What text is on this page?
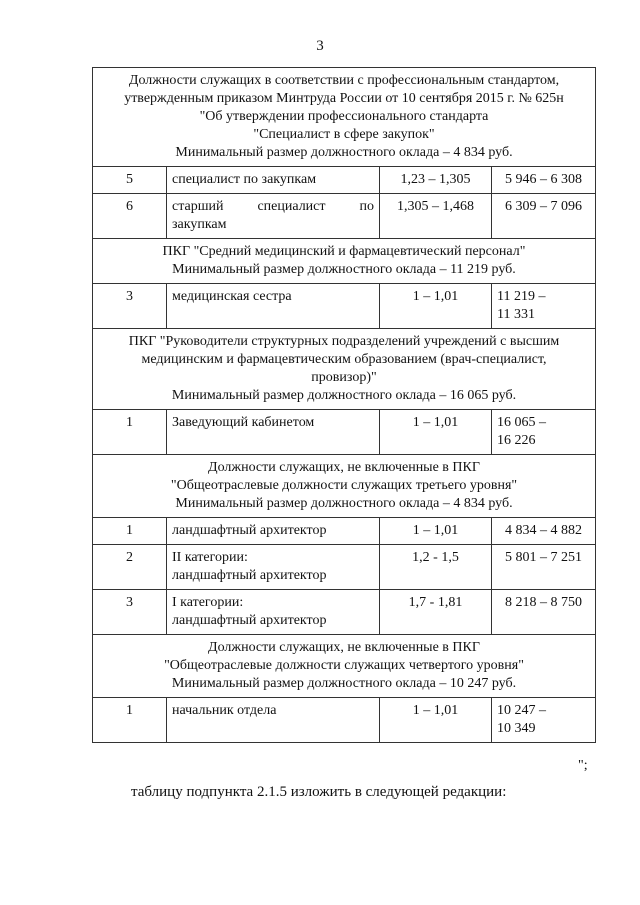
3
Должности служащих в соответствии с профессиональным стандартом,
утвержденным приказом Минтруда России от 10 сентября 2015 г. № 625н
"Об утверждении профессионального стандарта
"Специалист в сфере закупок"
Минимальный размер должностного оклада – 4 834 руб.			

5	специалист по закупкам	1,23 – 1,305	5 946 – 6 308

6	старший специалист по
закупкам	1,305 – 1,468	6 309 – 7 096

ПКГ "Средний медицинский и фармацевтический персонал"
Минимальный размер должностного оклада – 11 219 руб.			

3	медицинская сестра	1 – 1,01	11 219 –
11 331

ПКГ "Руководители структурных подразделений учреждений с высшим
медицинским и фармацевтическим образованием (врач-специалист,
провизор)"
Минимальный размер должностного оклада – 16 065 руб.			

1	Заведующий кабинетом	1 – 1,01	16 065 –
16 226

Должности служащих, не включенные в ПКГ
"Общеотраслевые должности служащих третьего уровня"
Минимальный размер должностного оклада – 4 834 руб.			

1	ландшафтный архитектор	1 – 1,01	4 834 – 4 882

2	II категории:
ландшафтный архитектор	1,2 - 1,5	5 801 – 7 251

3	I категории:
ландшафтный архитектор	1,7 - 1,81	8 218 – 8 750

Должности служащих, не включенные в ПКГ
"Общеотраслевые должности служащих четвертого уровня"
Минимальный размер должностного оклада – 10 247 руб.			

1	начальник отдела	1 – 1,01	10 247 –
10 349
";
таблицу подпункта 2.1.5 изложить в следующей редакции:
